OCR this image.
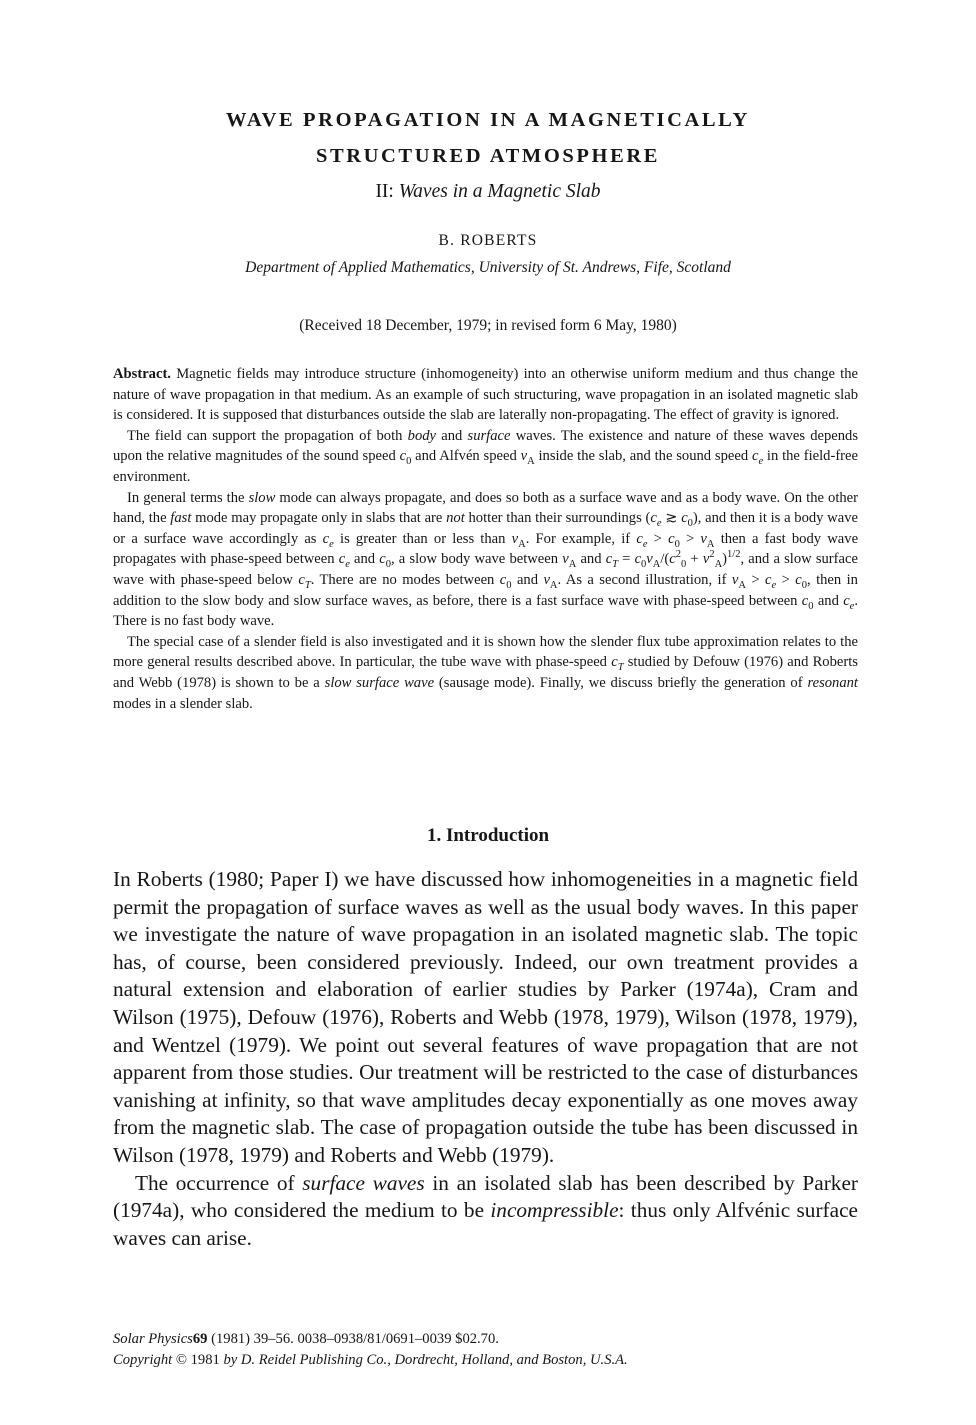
WAVE PROPAGATION IN A MAGNETICALLY
STRUCTURED ATMOSPHERE
II: Waves in a Magnetic Slab
B. ROBERTS
Department of Applied Mathematics, University of St. Andrews, Fife, Scotland
(Received 18 December, 1979; in revised form 6 May, 1980)

Abstract. Magnetic fields may introduce structure (inhomogeneity) into an otherwise uniform medium and thus change the nature of wave propagation in that medium. As an example of such structuring, wave propagation in an isolated magnetic slab is considered. It is supposed that disturbances outside the slab are laterally non-propagating. The effect of gravity is ignored.

The field can support the propagation of both body and surface waves. The existence and nature of these waves depends upon the relative magnitudes of the sound speed $c_0$ and Alfvén speed $v_A$ inside the slab, and the sound speed $c_e$ in the field-free environment.

In general terms the slow mode can always propagate, and does so both as a surface wave and as a body wave. On the other hand, the fast mode may propagate only in slabs that are not hotter than their surroundings ($c_e$ ≳ $c_0$), and then it is a body wave or a surface wave accordingly as $c_e$ is greater than or less than $v_A$. For example, if $c_e > c_0 > v_A$ then a fast body wave propagates with phase-speed between $c_e$ and $c_0$, a slow body wave between $v_A$ and $c_T = c_0v_A/(c^2_0 + v^2_A)^{1/2}$, and a slow surface wave with phase-speed below $c_T$. There are no modes between $c_0$ and $v_A$. As a second illustration, if $v_A > c_e > c_0$, then in addition to the slow body and slow surface waves, as before, there is a fast surface wave with phase-speed between $c_0$ and $c_e$. There is no fast body wave.

The special case of a slender field is also investigated and it is shown how the slender flux tube approximation relates to the more general results described above. In particular, the tube wave with phase-speed $c_T$ studied by Defouw (1976) and Roberts and Webb (1978) is shown to be a slow surface wave (sausage mode). Finally, we discuss briefly the generation of resonant modes in a slender slab.

1. Introduction

In Roberts (1980; Paper I) we have discussed how inhomogeneities in a magnetic field permit the propagation of surface waves as well as the usual body waves. In this paper we investigate the nature of wave propagation in an isolated magnetic slab. The topic has, of course, been considered previously. Indeed, our own treatment provides a natural extension and elaboration of earlier studies by Parker (1974a), Cram and Wilson (1975), Defouw (1976), Roberts and Webb (1978, 1979), Wilson (1978, 1979), and Wentzel (1979). We point out several features of wave propagation that are not apparent from those studies. Our treatment will be restricted to the case of disturbances vanishing at infinity, so that wave amplitudes decay exponentially as one moves away from the magnetic slab. The case of propagation outside the tube has been discussed in Wilson (1978, 1979) and Roberts and Webb (1979).

The occurrence of surface waves in an isolated slab has been described by Parker (1974a), who considered the medium to be incompressible: thus only Alfvénic surface waves can arise.

Solar Physics69 (1981) 39–56. 0038–0938/81/0691–0039 $02.70.
Copyright © 1981 by D. Reidel Publishing Co., Dordrecht, Holland, and Boston, U.S.A.
